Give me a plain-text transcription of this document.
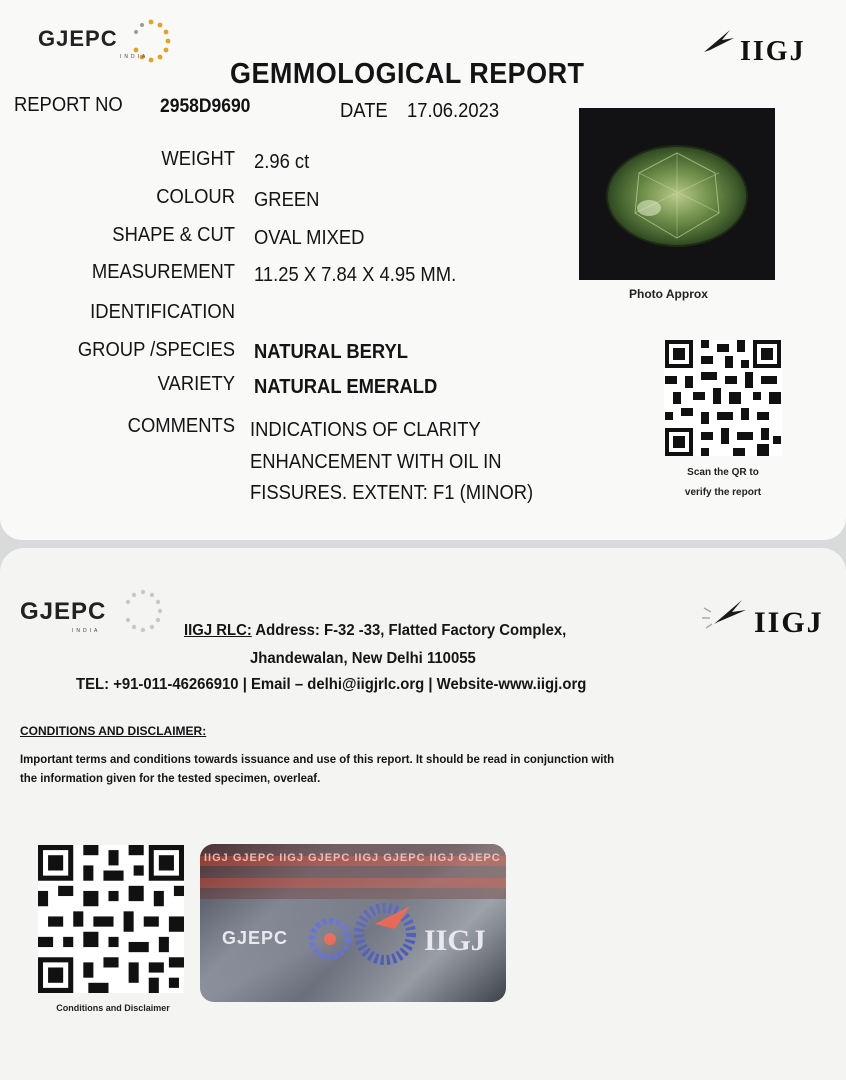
GJEPC
INDIA	IIGJ
GEMMOLOGICAL REPORT
REPORT NO 2958D9690	DATE 17.06.2023
WEIGHT 2.96 ct
COLOUR GREEN
SHAPE & CUT OVAL MIXED
MEASUREMENT 11.25 X 7.84 X 4.95 MM.
IDENTIFICATION
GROUP /SPECIES NATURAL BERYL
VARIETY NATURAL EMERALD
COMMENTS INDICATIONS OF CLARITY
ENHANCEMENT WITH OIL IN
FISSURES. EXTENT: F1 (MINOR)
Photo Approx
Scan the QR to
verify the report
GJEPC
INDIA	IIGJ
IIGJ RLC: Address: F-32 -33, Flatted Factory Complex,
Jhandewalan, New Delhi 110055
TEL: +91-011-46266910 | Email – delhi@iigjrlc.org | Website-www.iigj.org
CONDITIONS AND DISCLAIMER:
Important terms and conditions towards issuance and use of this report. It should be read in conjunction with
the information given for the tested specimen, overleaf.
Conditions and Disclaimer
IIGJ GJEPC IIGJ GJEPC IIGJ GJEPC IIGJ GJEPC
GJEPC	IIGJ
